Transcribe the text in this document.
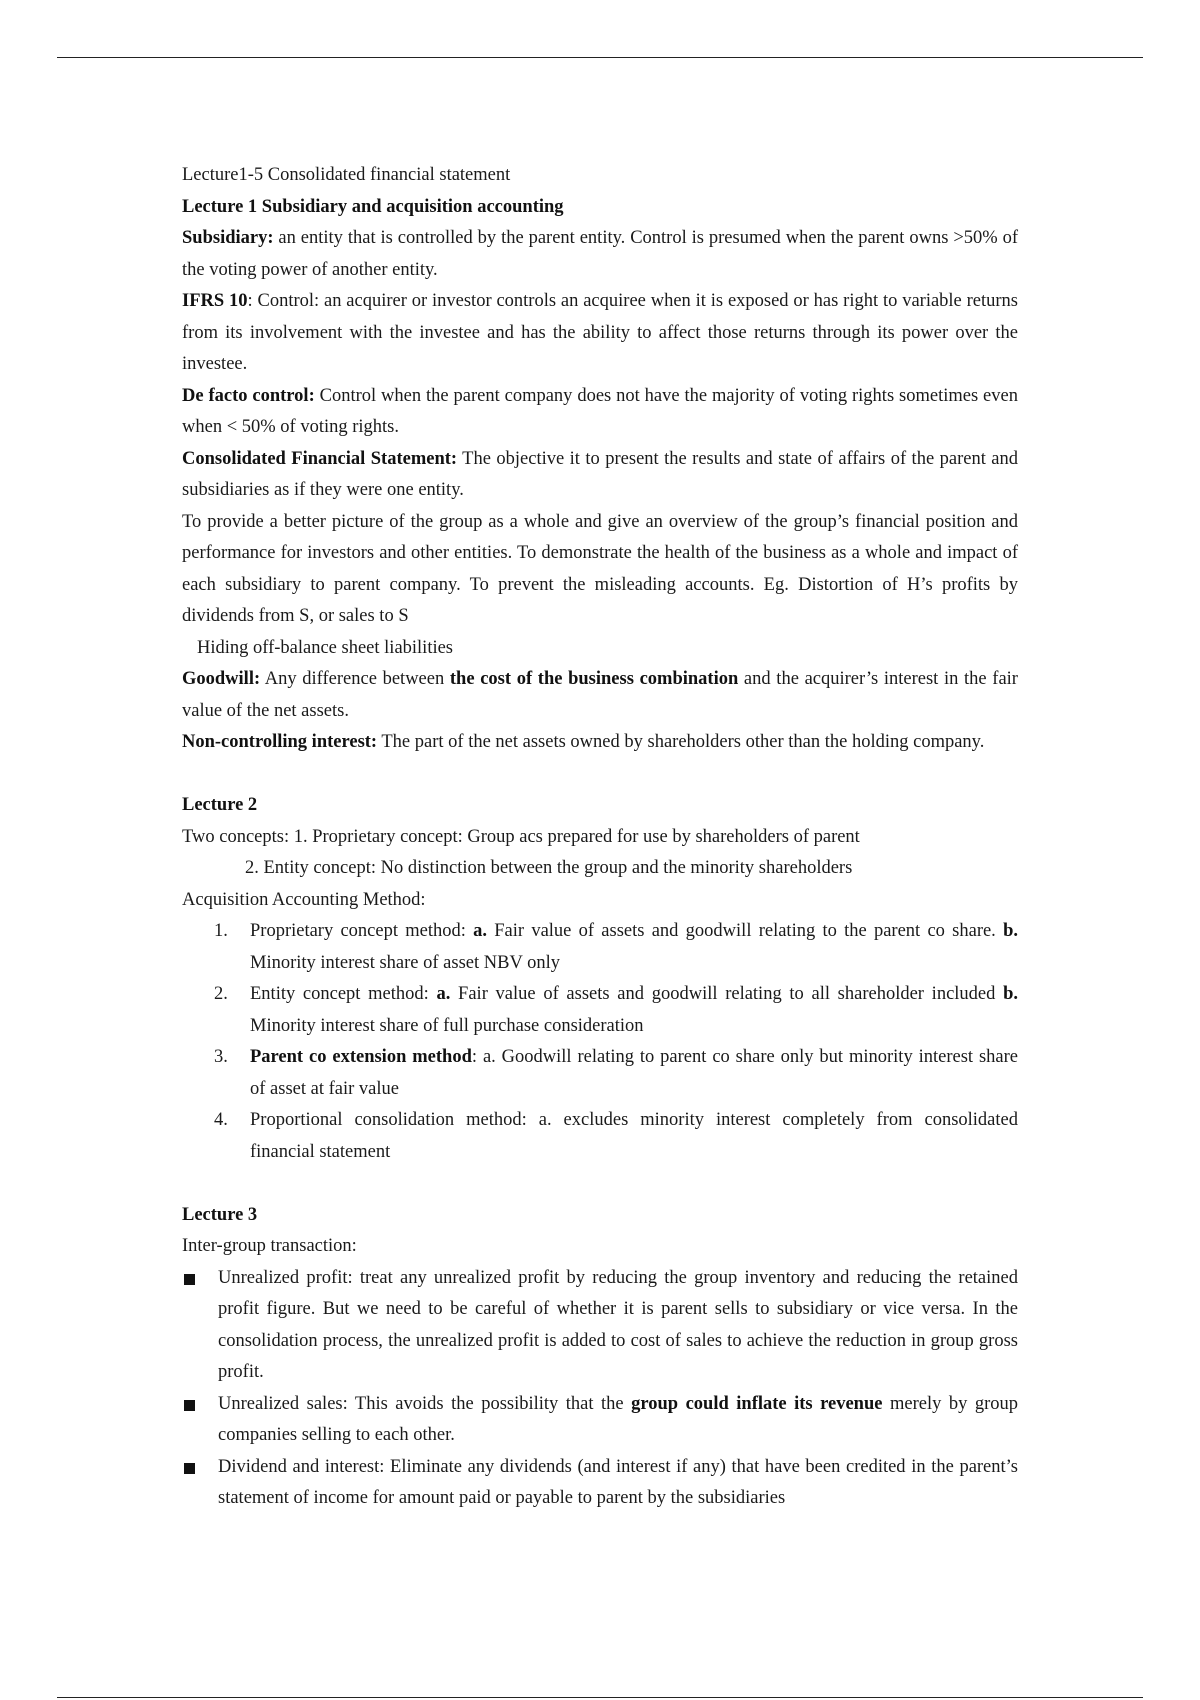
Lecture1-5 Consolidated financial statement

Lecture 1 Subsidiary and acquisition accounting

Subsidiary: an entity that is controlled by the parent entity. Control is presumed when the parent owns >50% of the voting power of another entity.

IFRS 10: Control: an acquirer or investor controls an acquiree when it is exposed or has right to variable returns from its involvement with the investee and has the ability to affect those returns through its power over the investee.

De facto control: Control when the parent company does not have the majority of voting rights sometimes even when < 50% of voting rights.

Consolidated Financial Statement: The objective it to present the results and state of affairs of the parent and subsidiaries as if they were one entity.

To provide a better picture of the group as a whole and give an overview of the group’s financial position and performance for investors and other entities. To demonstrate the health of the business as a whole and impact of each subsidiary to parent company. To prevent the misleading accounts. Eg. Distortion of H’s profits by dividends from S, or sales to S

Hiding off-balance sheet liabilities

Goodwill: Any difference between the cost of the business combination and the acquirer’s interest in the fair value of the net assets.

Non-controlling interest: The part of the net assets owned by shareholders other than the holding company.

Lecture 2

Two concepts: 1. Proprietary concept: Group acs prepared for use by shareholders of parent

2. Entity concept: No distinction between the group and the minority shareholders

Acquisition Accounting Method:

1. Proprietary concept method: a. Fair value of assets and goodwill relating to the parent co share. b. Minority interest share of asset NBV only
2. Entity concept method: a. Fair value of assets and goodwill relating to all shareholder included b. Minority interest share of full purchase consideration
3. Parent co extension method: a. Goodwill relating to parent co share only but minority interest share of asset at fair value
4. Proportional consolidation method: a. excludes minority interest completely from consolidated financial statement

Lecture 3

Inter-group transaction:

Unrealized profit: treat any unrealized profit by reducing the group inventory and reducing the retained profit figure. But we need to be careful of whether it is parent sells to subsidiary or vice versa. In the consolidation process, the unrealized profit is added to cost of sales to achieve the reduction in group gross profit.
Unrealized sales: This avoids the possibility that the group could inflate its revenue merely by group companies selling to each other.
Dividend and interest: Eliminate any dividends (and interest if any) that have been credited in the parent’s statement of income for amount paid or payable to parent by the subsidiaries
